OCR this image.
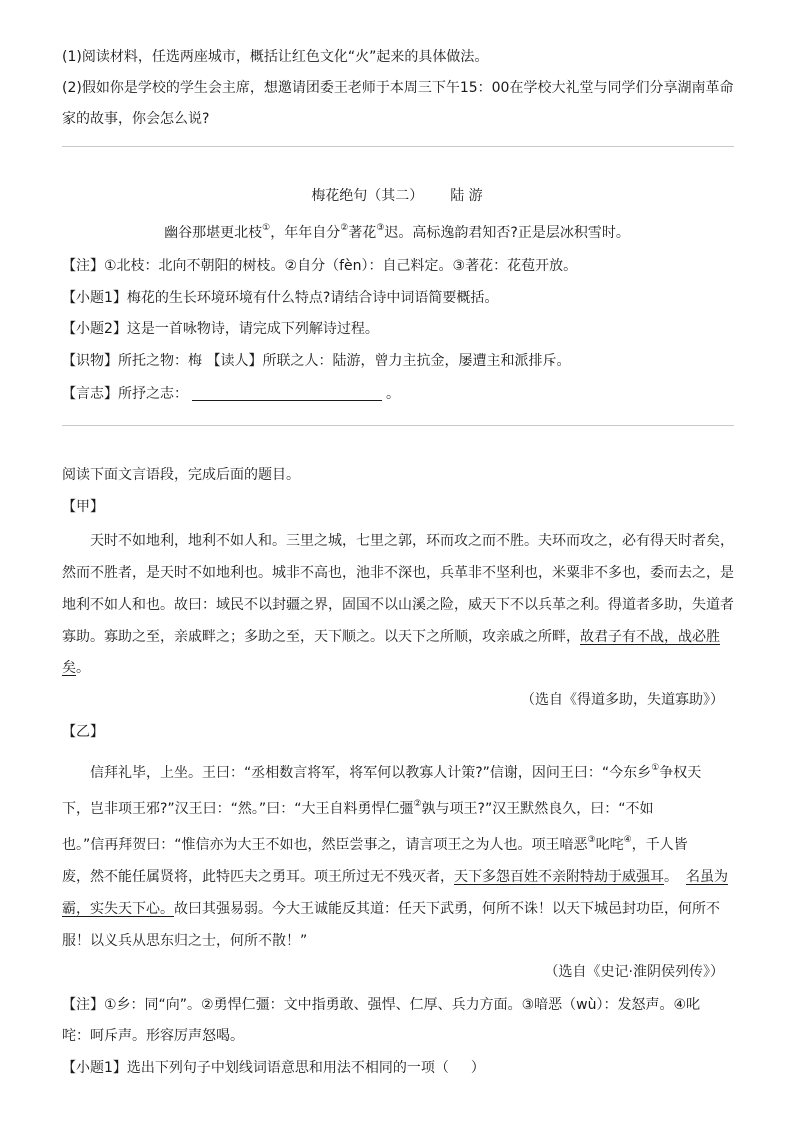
(1)阅读材料，任选两座城市，概括让红色文化“火”起来的具体做法。
(2)假如你是学校的学生会主席，想邀请团委王老师于本周三下午15：00在学校大礼堂与同学们分享湖南革命
家的故事，你会怎么说?
梅花绝句（其二） 陆 游
幽谷那堪更北枝①，年年自分②著花③迟。高标逸韵君知否?正是层冰积雪时。
【注】①北枝：北向不朝阳的树枝。②自分（fèn）：自己料定。③著花：花苞开放。
【小题1】梅花的生长环境环境有什么特点?请结合诗中词语简要概括。
【小题2】这是一首咏物诗，请完成下列解诗过程。
【识物】所托之物：梅 【读人】所联之人：陆游，曾力主抗金，屡遭主和派排斥。
【言志】所抒之志：	。
阅读下面文言语段，完成后面的题目。
【甲】
天时不如地利，地利不如人和。三里之城，七里之郭，环而攻之而不胜。夫环而攻之，必有得天时者矣，
然而不胜者，是天时不如地利也。城非不高也，池非不深也，兵革非不坚利也，米粟非不多也，委而去之，是
地利不如人和也。故曰：域民不以封疆之界，固国不以山溪之险，威天下不以兵革之利。得道者多助，失道者
寡助。寡助之至，亲戚畔之；多助之至，天下顺之。以天下之所顺，攻亲戚之所畔，故君子有不战，战必胜
矣。
（选自《得道多助，失道寡助》）
【乙】
信拜礼毕，上坐。王曰：“丞相数言将军，将军何以教寡人计策?”信谢，因问王曰：“今东乡①争权天
下，岂非项王邪?”汉王曰：“然。”曰：“大王自料勇悍仁彊②孰与项王?”汉王默然良久，曰：“不如
也。”信再拜贺曰：“惟信亦为大王不如也，然臣尝事之，请言项王之为人也。项王喑恶③叱咤④，千人皆
废，然不能任属贤将，此特匹夫之勇耳。项王所过无不残灭者，天下多怨百姓不亲附特劫于威强耳。 名虽为
霸，实失天下心。故曰其强易弱。今大王诚能反其道：任天下武勇，何所不诛！以天下城邑封功臣，何所不
服！以义兵从思东归之士，何所不散！”
（选自《史记·淮阴侯列传》）
【注】①乡：同“向”。②勇悍仁彊：文中指勇敢、强悍、仁厚、兵力方面。③喑恶（wù）：发怒声。④叱
咤：呵斥声。形容厉声怒喝。
【小题1】选出下列句子中划线词语意思和用法不相同的一项（ ）
